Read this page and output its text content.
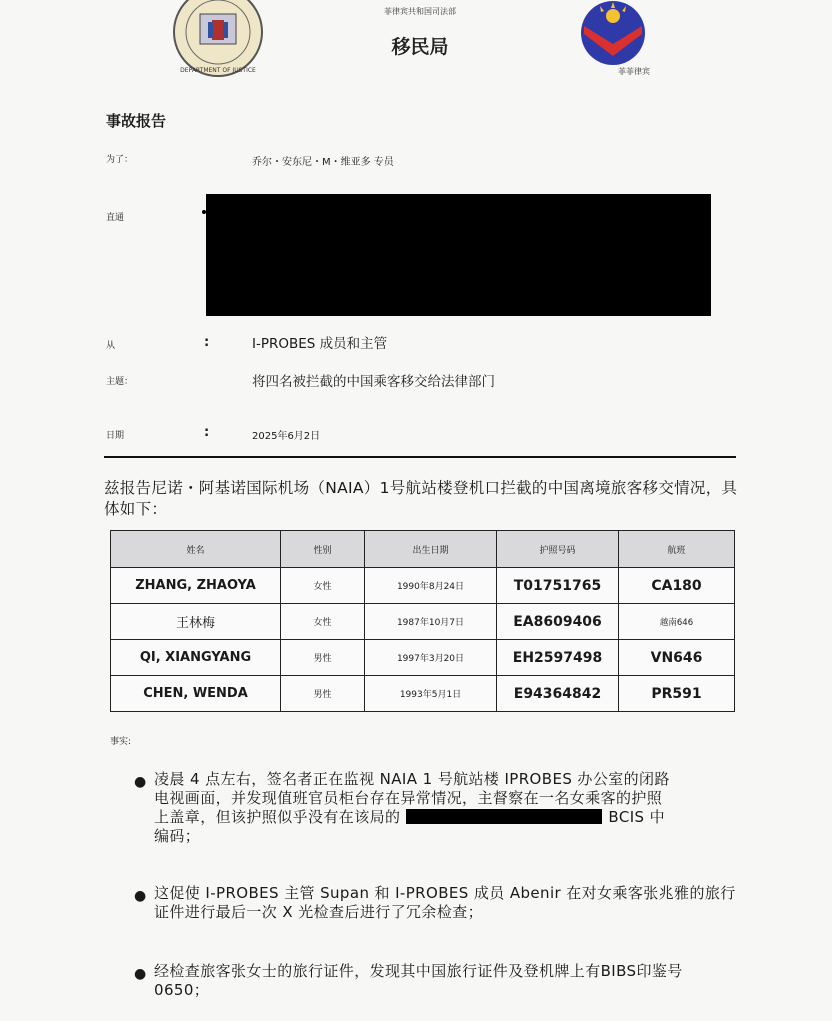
DEPARTMENT OF JUSTICE
菲律宾共和国司法部
移民局
菲菲律宾
事故报告
为了：	乔尔・安东尼・M・维亚多 专员
直通
从	:	I-PROBES 成员和主管
主题：	将四名被拦截的中国乘客移交给法律部门
日期	:	2025年6月2日
兹报告尼诺・阿基诺国际机场（NAIA）1号航站楼登机口拦截的中国离境旅客移交情况，具体如下：
姓名	性别	出生日期	护照号码	航班
ZHANG, ZHAOYA	女性	1990年8月24日	T01751765	CA180
王林梅	女性	1987年10月7日	EA8609406	越南646
QI, XIANGYANG	男性	1997年3月20日	EH2597498	VN646
CHEN, WENDA	男性	1993年5月1日	E94364842	PR591
事实:
● 凌晨 4 点左右，签名者正在监视 NAIA 1 号航站楼 IPROBES 办公室的闭路
电视画面，并发现值班官员柜台存在异常情况，主督察在一名女乘客的护照
上盖章，但该护照似乎没有在该局的	BCIS 中
编码；
● 这促使 I-PROBES 主管 Supan 和 I-PROBES 成员 Abenir 在对女乘客张兆雅的旅行
证件进行最后一次 X 光检查后进行了冗余检查；
● 经检查旅客张女士的旅行证件，发现其中国旅行证件及登机牌上有BIBS印鉴号
0650；
